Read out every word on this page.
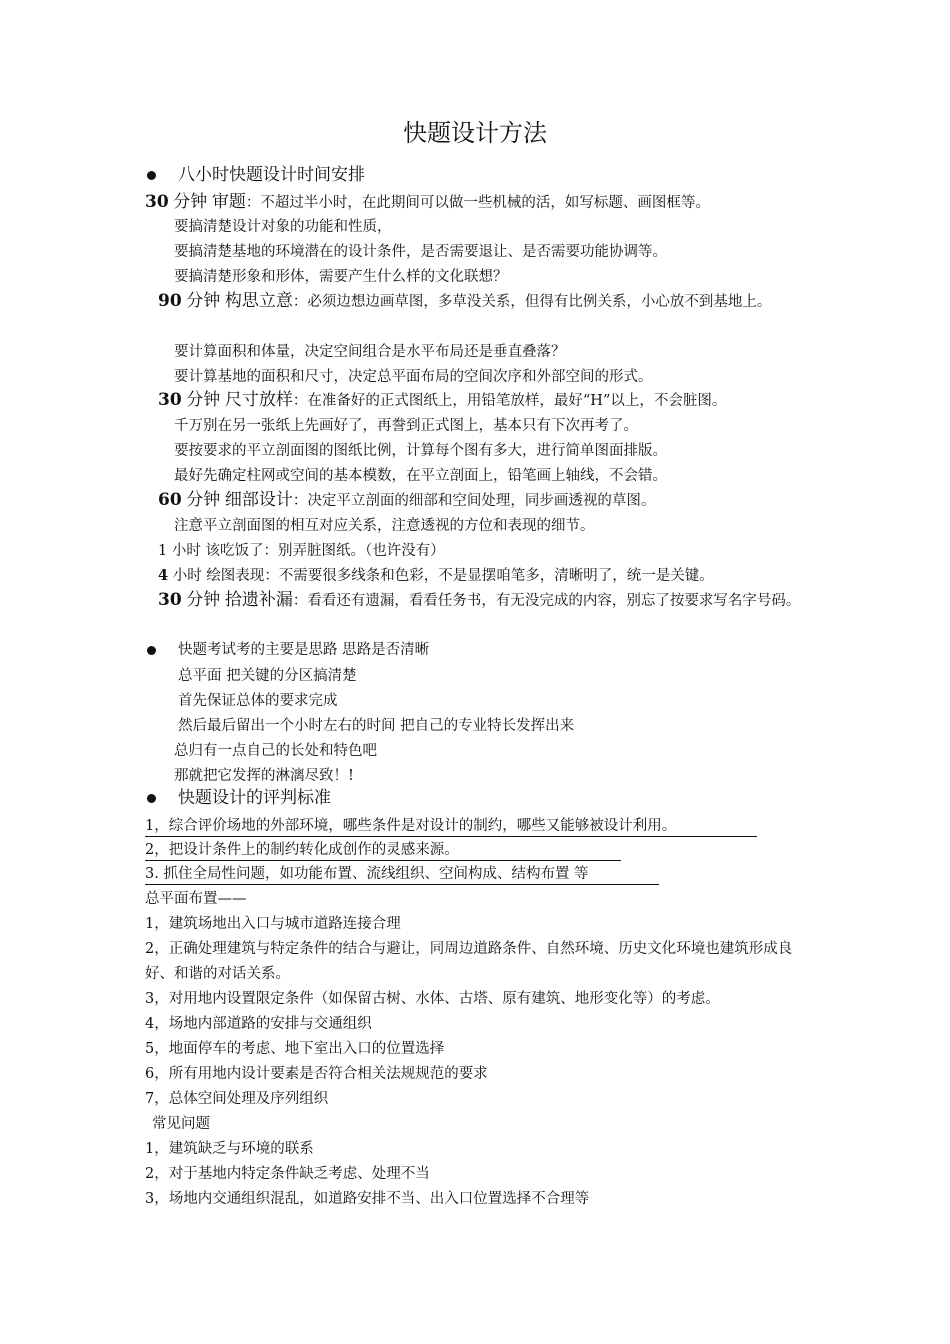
快题设计方法
八小时快题设计时间安排
30 分钟 审题：不超过半小时，在此期间可以做一些机械的活，如写标题、画图框等。
要搞清楚设计对象的功能和性质，
要搞清楚基地的环境潜在的设计条件，是否需要退让、是否需要功能协调等。
要搞清楚形象和形体，需要产生什么样的文化联想？
90 分钟 构思立意：必须边想边画草图，多草没关系，但得有比例关系，小心放不到基地上。
要计算面积和体量，决定空间组合是水平布局还是垂直叠落？
要计算基地的面积和尺寸，决定总平面布局的空间次序和外部空间的形式。
30 分钟 尺寸放样：在准备好的正式图纸上，用铅笔放样，最好“H”以上，不会脏图。
千万别在另一张纸上先画好了，再誊到正式图上，基本只有下次再考了。
要按要求的平立剖面图的图纸比例，计算每个图有多大，进行简单图面排版。
最好先确定柱网或空间的基本模数，在平立剖面上，铅笔画上轴线，不会错。
60 分钟 细部设计：决定平立剖面的细部和空间处理，同步画透视的草图。
注意平立剖面图的相互对应关系，注意透视的方位和表现的细节。
1 小时 该吃饭了：别弄脏图纸。（也许没有）
4 小时 绘图表现：不需要很多线条和色彩，不是显摆咱笔多，清晰明了，统一是关键。
30 分钟 拾遗补漏：看看还有遗漏，看看任务书，有无没完成的内容，别忘了按要求写名字号码。
快题考试考的主要是思路 思路是否清晰
总平面 把关键的分区搞清楚
首先保证总体的要求完成
然后最后留出一个小时左右的时间 把自己的专业特长发挥出来
总归有一点自己的长处和特色吧
那就把它发挥的淋漓尽致！!
快题设计的评判标准
1，综合评价场地的外部环境，哪些条件是对设计的制约，哪些又能够被设计利用。
2，把设计条件上的制约转化成创作的灵感来源。
3. 抓住全局性问题，如功能布置、流线组织、空间构成、结构布置 等
总平面布置——
1，建筑场地出入口与城市道路连接合理
2，正确处理建筑与特定条件的结合与避让，同周边道路条件、自然环境、历史文化环境也建筑形成良好、和谐的对话关系。
3，对用地内设置限定条件（如保留古树、水体、古塔、原有建筑、地形变化等）的考虑。
4，场地内部道路的安排与交通组织
5，地面停车的考虑、地下室出入口的位置选择
6，所有用地内设计要素是否符合相关法规规范的要求
7，总体空间处理及序列组织
常见问题
1，建筑缺乏与环境的联系
2，对于基地内特定条件缺乏考虑、处理不当
3，场地内交通组织混乱，如道路安排不当、出入口位置选择不合理等
